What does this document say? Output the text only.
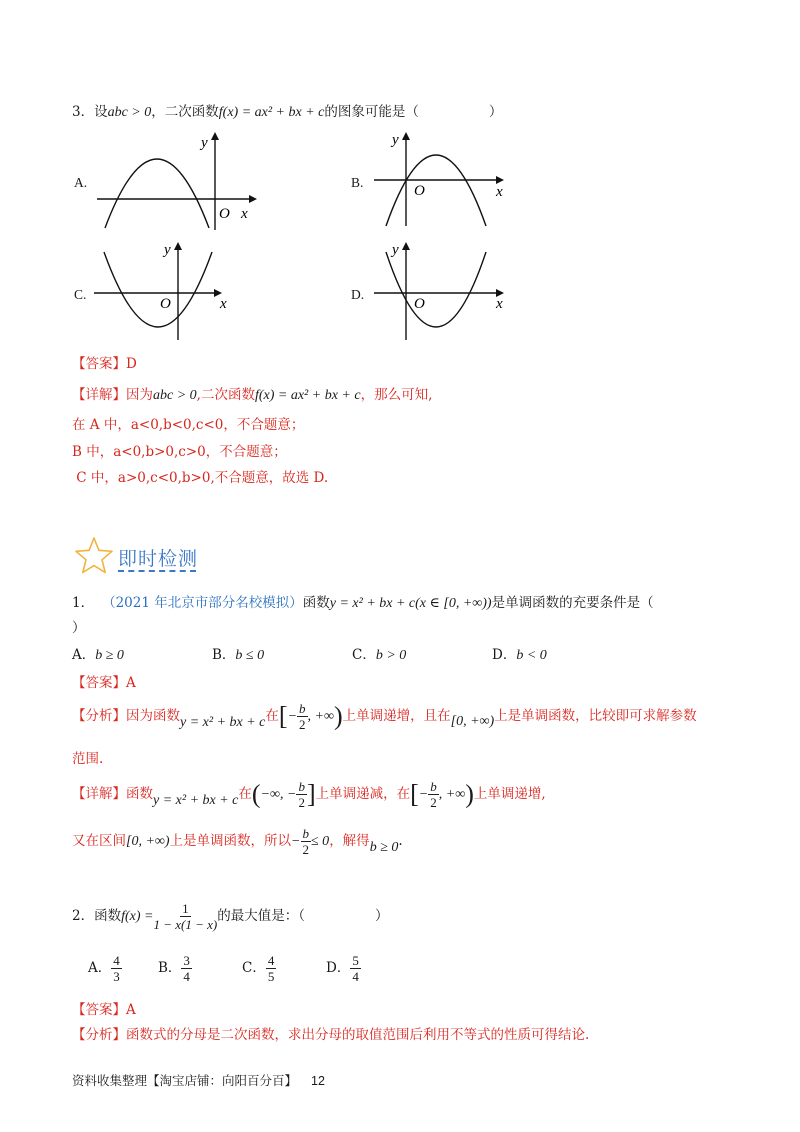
3．设abc > 0，二次函数f(x) = ax² + bx + c的图象可能是（	）
A.
y
O x
B.
y
O	x
C.
y
O	x
D.
y
O	x
【答案】D
【详解】因为abc > 0,二次函数f(x) = ax² + bx + c，那么可知,
在 A 中，a<0,b<0,c<0，不合题意；
B 中，a<0,b>0,c>0，不合题意；
C 中，a>0,c<0,b>0,不合题意，故选 D.
即时检测
1． （2021 年北京市部分名校模拟）函数y = x² + bx + c(x ∈ [0, +∞))是单调函数的充要条件是（
）
A．b ≥ 0	B．b ≤ 0	C．b > 0	D．b < 0
【答案】A
【分析】因为函数y = x² + bx + c在[− $\frac{b}{2}$ , +∞)上单调递增，且在[0, +∞)上是单调函数，比较即可求解参数
范围.
【详解】函数y = x² + bx + c在(−∞, − $\frac{b}{2}$ ]上单调递减，在[− $\frac{b}{2}$ , +∞)上单调递增,
又在区间[0, +∞)上是单调函数，所以− $\frac{b}{2} \le 0$，解得b ≥ 0.
2．函数$f(x) = \frac{1}{1 - x(1 - x)}$ 的最大值是：（	）
A． $\frac{4}{3}$	B． $\frac{3}{4}$	C． $\frac{4}{5}$	D． $\frac{5}{4}$
【答案】A
【分析】函数式的分母是二次函数，求出分母的取值范围后利用不等式的性质可得结论.
资料收集整理【淘宝店铺：向阳百分百】 12
